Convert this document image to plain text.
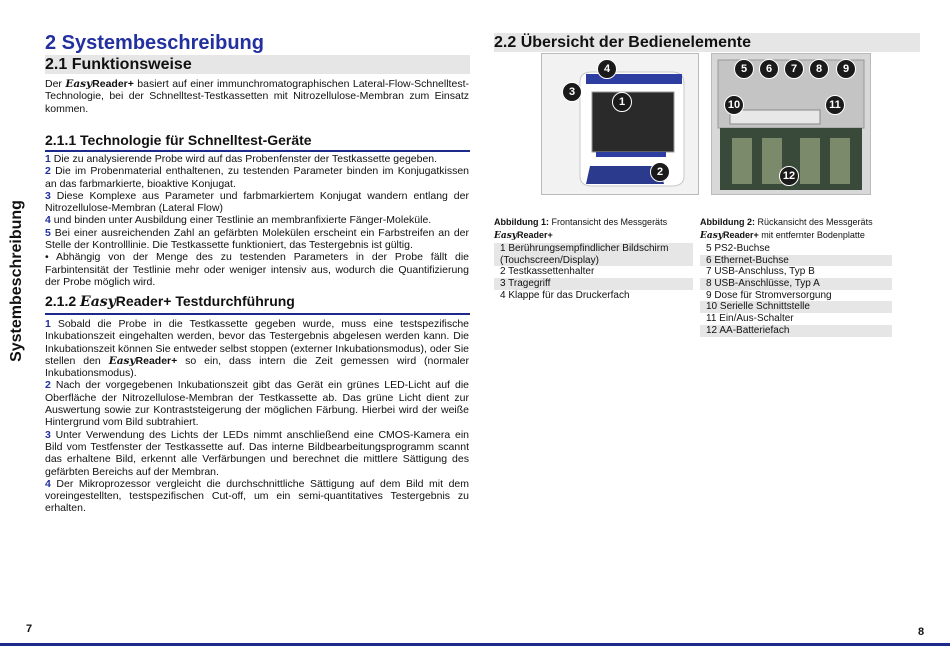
Systembeschreibung
2 Systembeschreibung
2.1 Funktionsweise
Der EasyReader+ basiert auf einer immunchromatographischen Lateral-Flow-Schnelltest-Technologie, bei der Schnelltest-Testkassetten mit Nitrozellulose-Membran zum Einsatz kommen.
2.1.1 Technologie für Schnelltest-Geräte
1 Die zu analysierende Probe wird auf das Probenfenster der Testkassette gegeben.
2 Die im Probenmaterial enthaltenen, zu testenden Parameter binden im Konjugatkissen an das farbmarkierte, bioaktive Konjugat.
3 Diese Komplexe aus Parameter und farbmarkiertem Konjugat wandern entlang der Nitrozellulose-Membran (Lateral Flow)
4 und binden unter Ausbildung einer Testlinie an membranfixierte Fänger-Moleküle.
5 Bei einer ausreichenden Zahl an gefärbten Molekülen erscheint ein Farbstreifen an der Stelle der Kontrolllinie. Die Testkassette funktioniert, das Testergebnis ist gültig.
• Abhängig von der Menge des zu testenden Parameters in der Probe fällt die Farbintensität der Testlinie mehr oder weniger intensiv aus, wodurch die Quantifizierung der Probe möglich wird.
2.1.2 EasyReader+ Testdurchführung
1 Sobald die Probe in die Testkassette gegeben wurde, muss eine testspezifische Inkubationszeit eingehalten werden, bevor das Testergebnis abgelesen werden kann. Die Inkubationszeit können Sie entweder selbst stoppen (externer Inkubationsmodus), oder Sie stellen den EasyReader+ so ein, dass intern die Zeit gemessen wird (normaler Inkubationsmodus).
2 Nach der vorgegebenen Inkubationszeit gibt das Gerät ein grünes LED-Licht auf die Oberfläche der Nitrozellulose-Membran der Testkassette ab. Das grüne Licht dient zur Auswertung sowie zur Kontraststeigerung der möglichen Färbung. Hierbei wird der weiße Hintergrund vom Bild subtrahiert.
3 Unter Verwendung des Lichts der LEDs nimmt anschließend eine CMOS-Kamera ein Bild vom Testfenster der Testkassette auf. Das interne Bildbearbeitungsprogramm scannt das erhaltene Bild, erkennt alle Verfärbungen und berechnet die mittlere Sättigung des gefärbten Bereichs auf der Membran.
4 Der Mikroprozessor vergleicht die durchschnittliche Sättigung auf dem Bild mit dem voreingestellten, testspezifischen Cut-off, um ein semi-quantitatives Testergebnis zu erhalten.
7
2.2 Übersicht der Bedienelemente
4
3
1
2
5	6	7	8	9
10	11
12
Abbildung 1: Frontansicht des Messgeräts
EasyReader+
Abbildung 2: Rückansicht des Messgeräts
EasyReader+ mit entfernter Bodenplatte
1 Berührungsempfindlicher Bildschirm (Touchscreen/Display)
2 Testkassettenhalter
3 Tragegriff
4 Klappe für das Druckerfach
5 PS2-Buchse
6 Ethernet-Buchse
7 USB-Anschluss, Typ B
8 USB-Anschlüsse, Typ A
9 Dose für Stromversorgung
10 Serielle Schnittstelle
11 Ein/Aus-Schalter
12 AA-Batteriefach
8
